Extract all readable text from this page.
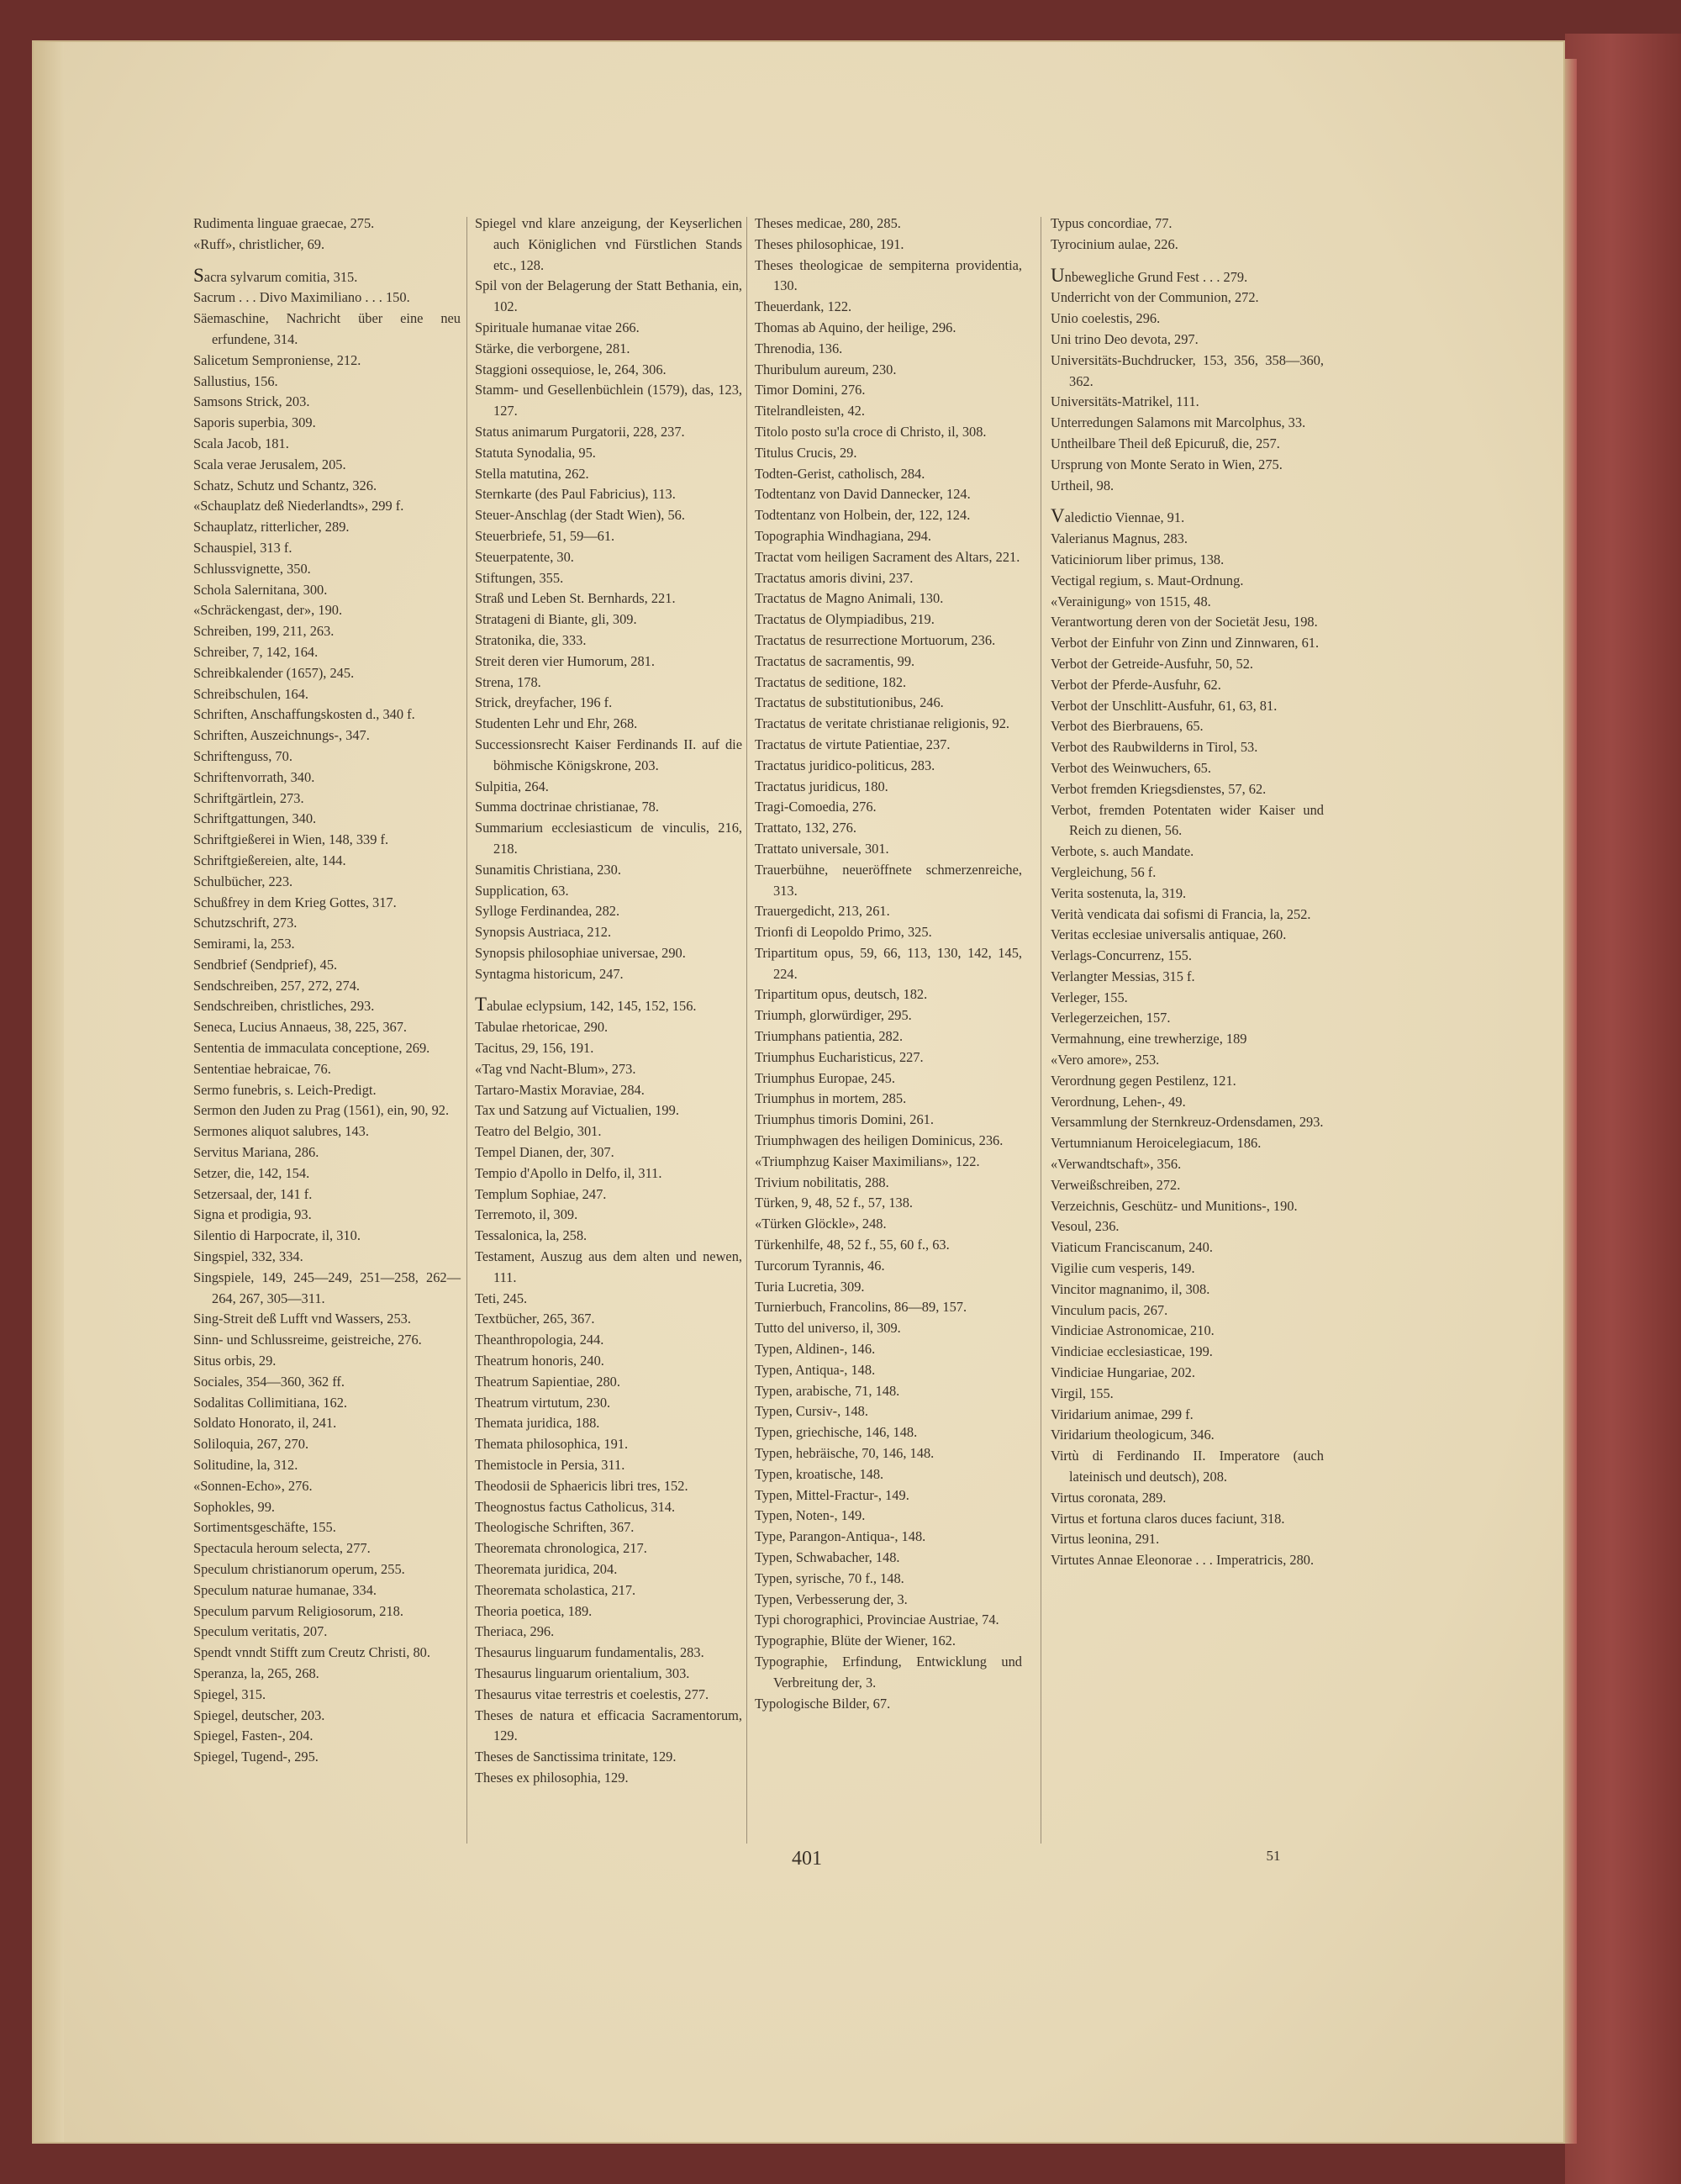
Rudimenta linguae graecae, 275.
«Ruff», christlicher, 69.
Sacra sylvarum comitia, 315.
Sacrum . . . Divo Maximiliano . . . 150.
Säemaschine, Nachricht über eine neu erfundene, 314.
Salicetum Semproniense, 212.
Sallustius, 156.
Samsons Strick, 203.
Saporis superbia, 309.
Scala Jacob, 181.
Scala verae Jerusalem, 205.
Schatz, Schutz und Schantz, 326.
«Schauplatz deß Niederlandts», 299 f.
Schauplatz, ritterlicher, 289.
Schauspiel, 313 f.
Schlussvignette, 350.
Schola Salernitana, 300.
«Schräckengast, der», 190.
Schreiben, 199, 211, 263.
Schreiber, 7, 142, 164.
Schreibkalender (1657), 245.
Schreibschulen, 164.
Schriften, Anschaffungskosten d., 340 f.
Schriften, Auszeichnungs-, 347.
Schriftenguss, 70.
Schriftenvorrath, 340.
Schriftgärtlein, 273.
Schriftgattungen, 340.
Schriftgießerei in Wien, 148, 339 f.
Schriftgießereien, alte, 144.
Schulbücher, 223.
Schußfrey in dem Krieg Gottes, 317.
Schutzschrift, 273.
Semirami, la, 253.
Sendbrief (Sendprief), 45.
Sendschreiben, 257, 272, 274.
Sendschreiben, christliches, 293.
Seneca, Lucius Annaeus, 38, 225, 367.
Sententia de immaculata conceptione, 269.
Sententiae hebraicae, 76.
Sermo funebris, s. Leich-Predigt.
Sermon den Juden zu Prag (1561), ein, 90, 92.
Sermones aliquot salubres, 143.
Servitus Mariana, 286.
Setzer, die, 142, 154.
Setzersaal, der, 141 f.
Signa et prodigia, 93.
Silentio di Harpocrate, il, 310.
Singspiel, 332, 334.
Singspiele, 149, 245—249, 251—258, 262—264, 267, 305—311.
Sing-Streit deß Lufft vnd Wassers, 253.
Sinn- und Schlussreime, geistreiche, 276.
Situs orbis, 29.
Sociales, 354—360, 362 ff.
Sodalitas Collimitiana, 162.
Soldato Honorato, il, 241.
Soliloquia, 267, 270.
Solitudine, la, 312.
«Sonnen-Echo», 276.
Sophokles, 99.
Sortimentsgeschäfte, 155.
Spectacula heroum selecta, 277.
Speculum christianorum operum, 255.
Speculum naturae humanae, 334.
Speculum parvum Religiosorum, 218.
Speculum veritatis, 207.
Spendt vnndt Stifft zum Creutz Christi, 80.
Speranza, la, 265, 268.
Spiegel, 315.
Spiegel, deutscher, 203.
Spiegel, Fasten-, 204.
Spiegel, Tugend-, 295.
Spiegel vnd klare anzeigung, der Keyserlichen auch Königlichen vnd Fürstlichen Stands etc., 128.
Spil von der Belagerung der Statt Bethania, ein, 102.
Spirituale humanae vitae 266.
Stärke, die verborgene, 281.
Staggioni ossequiose, le, 264, 306.
Stamm- und Gesellenbüchlein (1579), das, 123, 127.
Status animarum Purgatorii, 228, 237.
Statuta Synodalia, 95.
Stella matutina, 262.
Sternkarte (des Paul Fabricius), 113.
Steuer-Anschlag (der Stadt Wien), 56.
Steuerbriefe, 51, 59—61.
Steuerpatente, 30.
Stiftungen, 355.
Straß und Leben St. Bernhards, 221.
Stratageni di Biante, gli, 309.
Stratonika, die, 333.
Streit deren vier Humorum, 281.
Strena, 178.
Strick, dreyfacher, 196 f.
Studenten Lehr und Ehr, 268.
Successionsrecht Kaiser Ferdinands II. auf die böhmische Königskrone, 203.
Sulpitia, 264.
Summa doctrinae christianae, 78.
Summarium ecclesiasticum de vinculis, 216, 218.
Sunamitis Christiana, 230.
Supplication, 63.
Sylloge Ferdinandea, 282.
Synopsis Austriaca, 212.
Synopsis philosophiae universae, 290.
Syntagma historicum, 247.
Tabulae eclypsium, 142, 145, 152, 156.
Tabulae rhetoricae, 290.
Tacitus, 29, 156, 191.
«Tag vnd Nacht-Blum», 273.
Tartaro-Mastix Moraviae, 284.
Tax und Satzung auf Victualien, 199.
Teatro del Belgio, 301.
Tempel Dianen, der, 307.
Tempio d'Apollo in Delfo, il, 311.
Templum Sophiae, 247.
Terremoto, il, 309.
Tessalonica, la, 258.
Testament, Auszug aus dem alten und newen, 111.
Teti, 245.
Textbücher, 265, 367.
Theanthropologia, 244.
Theatrum honoris, 240.
Theatrum Sapientiae, 280.
Theatrum virtutum, 230.
Themata juridica, 188.
Themata philosophica, 191.
Themistocle in Persia, 311.
Theodosii de Sphaericis libri tres, 152.
Theognostus factus Catholicus, 314.
Theologische Schriften, 367.
Theoremata chronologica, 217.
Theoremata juridica, 204.
Theoremata scholastica, 217.
Theoria poetica, 189.
Theriaca, 296.
Thesaurus linguarum fundamentalis, 283.
Thesaurus linguarum orientalium, 303.
Thesaurus vitae terrestris et coelestis, 277.
Theses de natura et efficacia Sacramentorum, 129.
Theses de Sanctissima trinitate, 129.
Theses ex philosophia, 129.
Theses medicae, 280, 285.
Theses philosophicae, 191.
Theses theologicae de sempiterna providentia, 130.
Theuerdank, 122.
Thomas ab Aquino, der heilige, 296.
Threnodia, 136.
Thuribulum aureum, 230.
Timor Domini, 276.
Titelrandleisten, 42.
Titolo posto su'la croce di Christo, il, 308.
Titulus Crucis, 29.
Todten-Gerist, catholisch, 284.
Todtentanz von David Dannecker, 124.
Todtentanz von Holbein, der, 122, 124.
Topographia Windhagiana, 294.
Tractat vom heiligen Sacrament des Altars, 221.
Tractatus amoris divini, 237.
Tractatus de Magno Animali, 130.
Tractatus de Olympiadibus, 219.
Tractatus de resurrectione Mortuorum, 236.
Tractatus de sacramentis, 99.
Tractatus de seditione, 182.
Tractatus de substitutionibus, 246.
Tractatus de veritate christianae religionis, 92.
Tractatus de virtute Patientiae, 237.
Tractatus juridico-politicus, 283.
Tractatus juridicus, 180.
Tragi-Comoedia, 276.
Trattato, 132, 276.
Trattato universale, 301.
Trauerbühne, neueröffnete schmerzenreiche, 313.
Trauergedicht, 213, 261.
Trionfi di Leopoldo Primo, 325.
Tripartitum opus, 59, 66, 113, 130, 142, 145, 224.
Tripartitum opus, deutsch, 182.
Triumph, glorwürdiger, 295.
Triumphans patientia, 282.
Triumphus Eucharisticus, 227.
Triumphus Europae, 245.
Triumphus in mortem, 285.
Triumphus timoris Domini, 261.
Triumphwagen des heiligen Dominicus, 236.
«Triumphzug Kaiser Maximilians», 122.
Trivium nobilitatis, 288.
Türken, 9, 48, 52 f., 57, 138.
«Türken Glöckle», 248.
Türkenhilfe, 48, 52 f., 55, 60 f., 63.
Turcorum Tyrannis, 46.
Turia Lucretia, 309.
Turnierbuch, Francolins, 86—89, 157.
Tutto del universo, il, 309.
Typen, Aldinen-, 146.
Typen, Antiqua-, 148.
Typen, arabische, 71, 148.
Typen, Cursiv-, 148.
Typen, griechische, 146, 148.
Typen, hebräische, 70, 146, 148.
Typen, kroatische, 148.
Typen, Mittel-Fractur-, 149.
Typen, Noten-, 149.
Type, Parangon-Antiqua-, 148.
Typen, Schwabacher, 148.
Typen, syrische, 70 f., 148.
Typen, Verbesserung der, 3.
Typi chorographici, Provinciae Austriae, 74.
Typographie, Blüte der Wiener, 162.
Typographie, Erfindung, Entwicklung und Verbreitung der, 3.
Typologische Bilder, 67.
Typus concordiae, 77.
Tyrocinium aulae, 226.
Unbewegliche Grund Fest . . . 279.
Underricht von der Communion, 272.
Unio coelestis, 296.
Uni trino Deo devota, 297.
Universitäts-Buchdrucker, 153, 356, 358—360, 362.
Universitäts-Matrikel, 111.
Unterredungen Salamons mit Marcolphus, 33.
Untheilbare Theil deß Epicuruß, die, 257.
Ursprung von Monte Serato in Wien, 275.
Urtheil, 98.
Valedictio Viennae, 91.
Valerianus Magnus, 283.
Vaticiniorum liber primus, 138.
Vectigal regium, s. Maut-Ordnung.
«Verainigung» von 1515, 48.
Verantwortung deren von der Societät Jesu, 198.
Verbot der Einfuhr von Zinn und Zinnwaren, 61.
Verbot der Getreide-Ausfuhr, 50, 52.
Verbot der Pferde-Ausfuhr, 62.
Verbot der Unschlitt-Ausfuhr, 61, 63, 81.
Verbot des Bierbrauens, 65.
Verbot des Raubwilderns in Tirol, 53.
Verbot des Weinwuchers, 65.
Verbot fremden Kriegsdienstes, 57, 62.
Verbot, fremden Potentaten wider Kaiser und Reich zu dienen, 56.
Verbote, s. auch Mandate.
Vergleichung, 56 f.
Verita sostenuta, la, 319.
Verità vendicata dai sofismi di Francia, la, 252.
Veritas ecclesiae universalis antiquae, 260.
Verlags-Concurrenz, 155.
Verlangter Messias, 315 f.
Verleger, 155.
Verlegerzeichen, 157.
Vermahnung, eine trewherzige, 189
«Vero amore», 253.
Verordnung gegen Pestilenz, 121.
Verordnung, Lehen-, 49.
Versammlung der Sternkreuz-Ordensdamen, 293.
Vertumnianum Heroicelegiacum, 186.
«Verwandtschaft», 356.
Verweißschreiben, 272.
Verzeichnis, Geschütz- und Munitions-, 190.
Vesoul, 236.
Viaticum Franciscanum, 240.
Vigilie cum vesperis, 149.
Vincitor magnanimo, il, 308.
Vinculum pacis, 267.
Vindiciae Astronomicae, 210.
Vindiciae ecclesiasticae, 199.
Vindiciae Hungariae, 202.
Virgil, 155.
Viridarium animae, 299 f.
Viridarium theologicum, 346.
Virtù di Ferdinando II. Imperatore (auch lateinisch und deutsch), 208.
Virtus coronata, 289.
Virtus et fortuna claros duces faciunt, 318.
Virtus leonina, 291.
Virtutes Annae Eleonorae . . . Imperatricis, 280.
401	51
